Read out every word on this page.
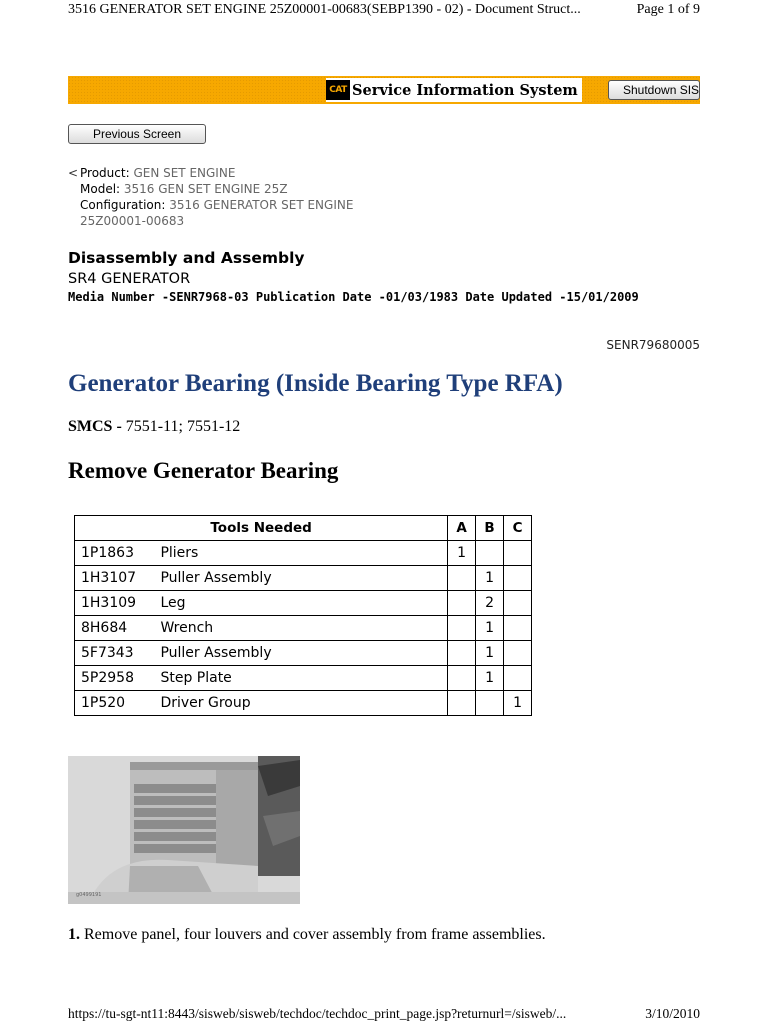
3516 GENERATOR SET ENGINE 25Z00001-00683(SEBP1390 - 02) - Document Struct...	Page 1 of 9
CAT Service Information System	Shutdown SIS
Previous Screen
< Product: GEN SET ENGINE
Model: 3516 GEN SET ENGINE 25Z
Configuration: 3516 GENERATOR SET ENGINE
25Z00001-00683
Disassembly and Assembly
SR4 GENERATOR
Media Number -SENR7968-03 Publication Date -01/03/1983 Date Updated -15/01/2009
SENR79680005
Generator Bearing (Inside Bearing Type RFA)
SMCS - 7551-11; 7551-12
Remove Generator Bearing
Tools Needed		A	B	C
1P1863	Pliers	1		
1H3107	Puller Assembly		1	
1H3109	Leg		2	
8H684	Wrench		1	
5F7343	Puller Assembly		1	
5P2958	Step Plate		1	
1P520	Driver Group			1
g0499191
1. Remove panel, four louvers and cover assembly from frame assemblies.
https://tu-sgt-nt11:8443/sisweb/sisweb/techdoc/techdoc_print_page.jsp?returnurl=/sisweb/...	3/10/2010
